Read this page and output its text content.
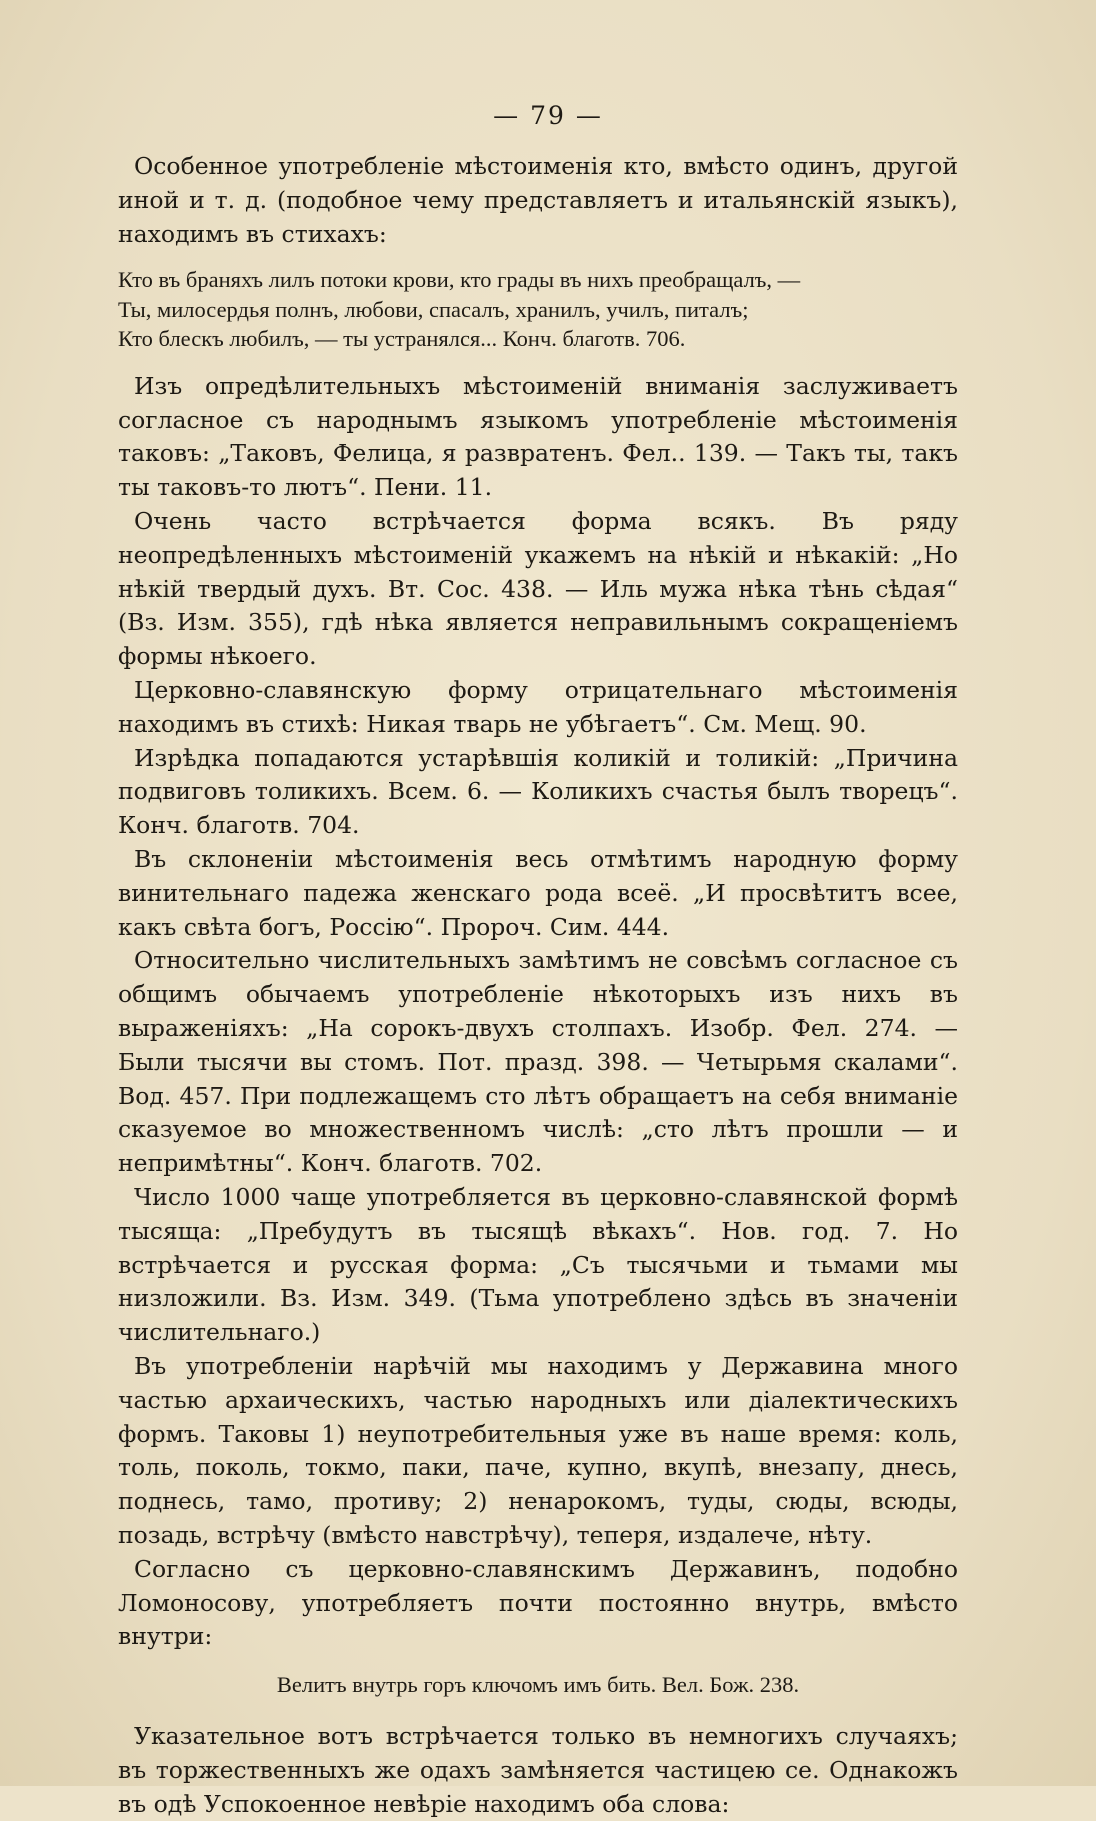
— 79 —

Особенное употребленіе мѣстоименія кто, вмѣсто одинъ, другой иной и т. д. (подобное чему представляетъ и итальянскій языкъ), находимъ въ стихахъ:

Кто въ браняхъ лилъ потоки крови, кто грады въ нихъ преобращалъ, —
Ты, милосердья полнъ, любови, спасалъ, хранилъ, училъ, питалъ;
Кто блескъ любилъ, — ты устранялся... Конч. благотв. 706.

Изъ опредѣлительныхъ мѣстоименій вниманія заслуживаетъ согласное съ народнымъ языкомъ употребленіе мѣстоименія таковъ: „Таковъ, Фелица, я развратенъ. Фел.. 139. — Такъ ты, такъ ты таковъ-то лютъ“. Пени. 11.

Очень часто встрѣчается форма всякъ. Въ ряду неопредѣленныхъ мѣстоименій укажемъ на нѣкій и нѣкакій: „Но нѣкій твердый духъ. Вт. Сос. 438. — Иль мужа нѣка тѣнь сѣдая“ (Вз. Изм. 355), гдѣ нѣка является неправильнымъ сокращеніемъ формы нѣкоего.

Церковно-славянскую форму отрицательнаго мѣстоименія находимъ въ стихѣ: Никая тварь не убѣгаетъ“. См. Мещ. 90.

Изрѣдка попадаются устарѣвшія коликій и толикій: „Причина подвиговъ толикихъ. Всем. 6. — Коликихъ счастья былъ творецъ“. Конч. благотв. 704.

Въ склоненіи мѣстоименія весь отмѣтимъ народную форму винительнаго падежа женскаго рода всеё. „И просвѣтитъ всее, какъ свѣта богъ, Россію“. Пророч. Сим. 444.

Относительно числительныхъ замѣтимъ не совсѣмъ согласное съ общимъ обычаемъ употребленіе нѣкоторыхъ изъ нихъ въ выраженіяхъ: „На сорокъ-двухъ столпахъ. Изобр. Фел. 274. — Были тысячи вы стомъ. Пот. празд. 398. — Четырьмя скалами“. Вод. 457. При подлежащемъ сто лѣтъ обращаетъ на себя вниманіе сказуемое во множественномъ числѣ: „сто лѣтъ прошли — и непримѣтны“. Конч. благотв. 702.

Число 1000 чаще употребляется въ церковно-славянской формѣ тысяща: „Пребудутъ въ тысящѣ вѣкахъ“. Нов. год. 7. Но встрѣчается и русская форма: „Съ тысячьми и тьмами мы низложили. Вз. Изм. 349. (Тьма употреблено здѣсь въ значеніи числительнаго.)

Въ употребленіи нарѣчій мы находимъ у Державина много частью архаическихъ, частью народныхъ или діалектическихъ формъ. Таковы 1) неупотребительныя уже въ наше время: коль, толь, поколь, токмо, паки, паче, купно, вкупѣ, внезапу, днесь, поднесь, тамо, противу; 2) ненарокомъ, туды, сюды, всюды, позадь, встрѣчу (вмѣсто навстрѣчу), теперя, издалече, нѣту.

Согласно съ церковно-славянскимъ Державинъ, подобно Ломоносову, употребляетъ почти постоянно внутрь, вмѣсто внутри:

Велитъ внутрь горъ ключомъ имъ бить. Вел. Бож. 238.

Указательное вотъ встрѣчается только въ немногихъ случаяхъ; въ торжественныхъ же одахъ замѣняется частицею се. Однакожъ въ одѣ Успокоенное невѣріе находимъ оба слова:
